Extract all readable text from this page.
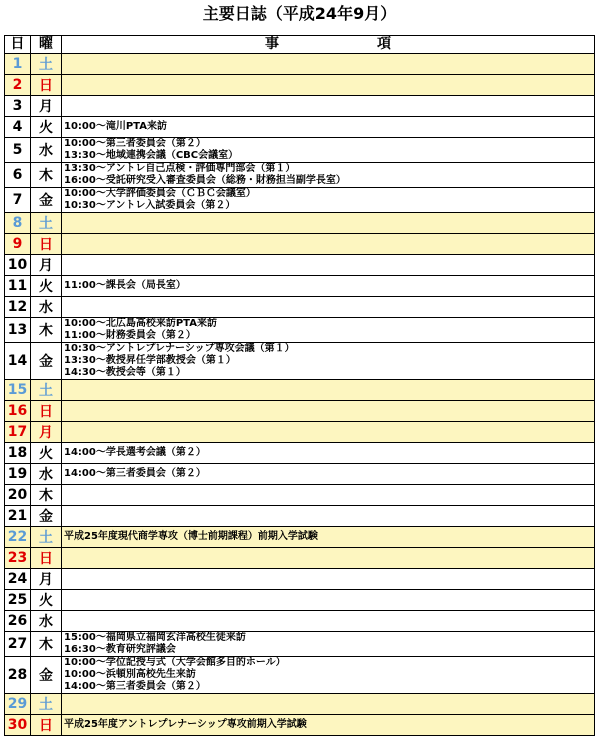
主要日誌（平成24年9月）
日	曜	事　　　　　　　項
1	土	
2	日	
3	月	
4	火	10:00～滝川PTA来訪

5	水	10:00～第三者委員会（第２）
13:30～地域連携会議（CBC会議室）

6	木	13:30～アントレ自己点検・評価専門部会（第１）
16:00～受託研究受入審査委員会（総務・財務担当副学長室）

7	金	10:00～大学評価委員会（ＣＢＣ会議室）
10:30～アントレ入試委員会（第２）

8	土	
9	日	
10	月	
11	火	11:00～課長会（局長室）

12	水	
13	木	10:00～北広島高校来訪PTA来訪
11:00～財務委員会（第２）

14	金	10:30～アントレプレナーシップ専攻会議（第１）
13:30～教授昇任学部教授会（第１）
14:30～教授会等（第１）

15	土	
16	日	
17	月	
18	火	14:00～学長選考会議（第２）

19	水	14:00～第三者委員会（第２）

20	木	
21	金	
22	土	平成25年度現代商学専攻（博士前期課程）前期入学試験

23	日	
24	月	
25	火	
26	水	
27	木	15:00～福岡県立福岡玄洋高校生徒来訪
16:30～教育研究評議会

28	金	10:00～学位記授与式（大学会館多目的ホール）
10:00～浜頓別高校先生来訪
14:00～第三者委員会（第２）

29	土	
30	日	平成25年度アントレプレナーシップ専攻前期入学試験
